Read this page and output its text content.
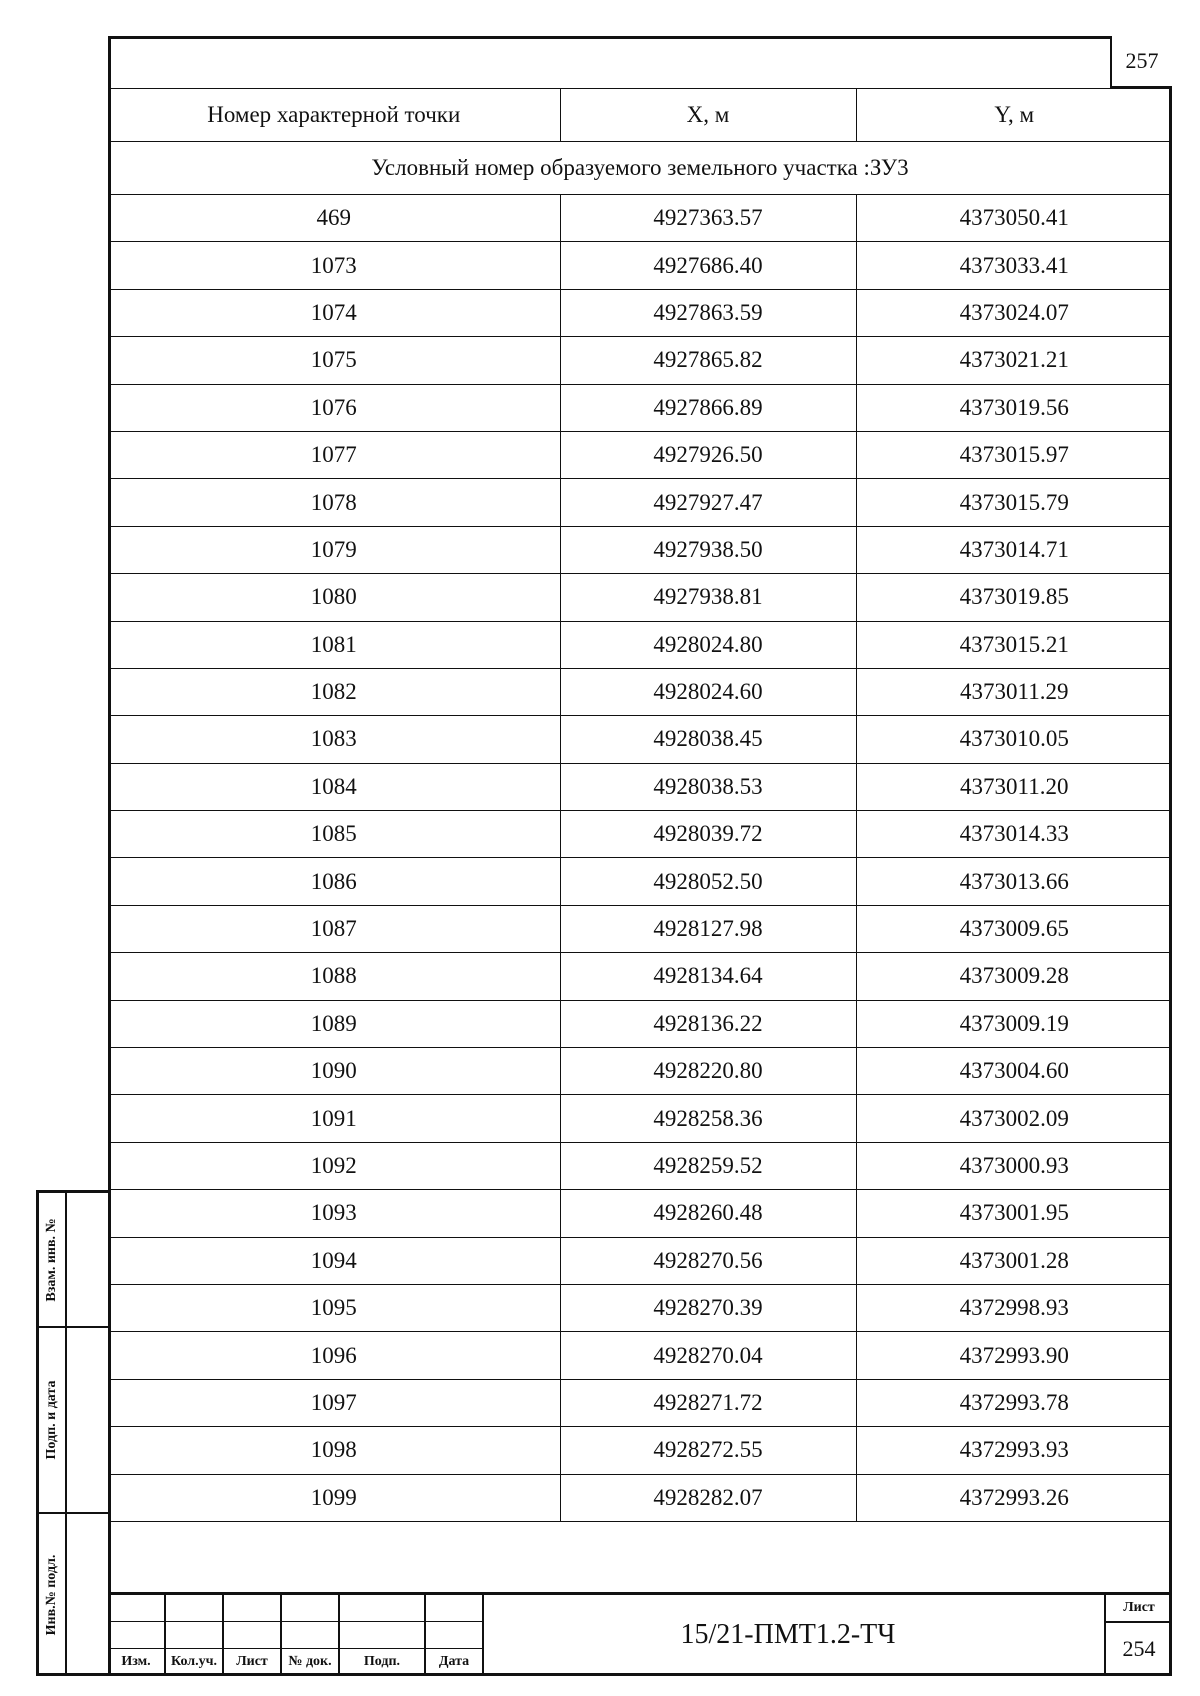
257
Номер характерной точки	X, м	Y, м
Условный номер образуемого земельного участка :ЗУ3		
469	4927363.57	4373050.41
1073	4927686.40	4373033.41
1074	4927863.59	4373024.07
1075	4927865.82	4373021.21
1076	4927866.89	4373019.56
1077	4927926.50	4373015.97
1078	4927927.47	4373015.79
1079	4927938.50	4373014.71
1080	4927938.81	4373019.85
1081	4928024.80	4373015.21
1082	4928024.60	4373011.29
1083	4928038.45	4373010.05
1084	4928038.53	4373011.20
1085	4928039.72	4373014.33
1086	4928052.50	4373013.66
1087	4928127.98	4373009.65
1088	4928134.64	4373009.28
1089	4928136.22	4373009.19
1090	4928220.80	4373004.60
1091	4928258.36	4373002.09
1092	4928259.52	4373000.93
1093	4928260.48	4373001.95
1094	4928270.56	4373001.28
1095	4928270.39	4372998.93
1096	4928270.04	4372993.90
1097	4928271.72	4372993.78
1098	4928272.55	4372993.93
1099	4928282.07	4372993.26

Взам. инв. №
Подп. и дата
Инв.№ подл.
Изм.	Кол.уч.	Лист	№ док.	Подп.	Дата
15/21-ПМТ1.2-ТЧ
Лист
254
